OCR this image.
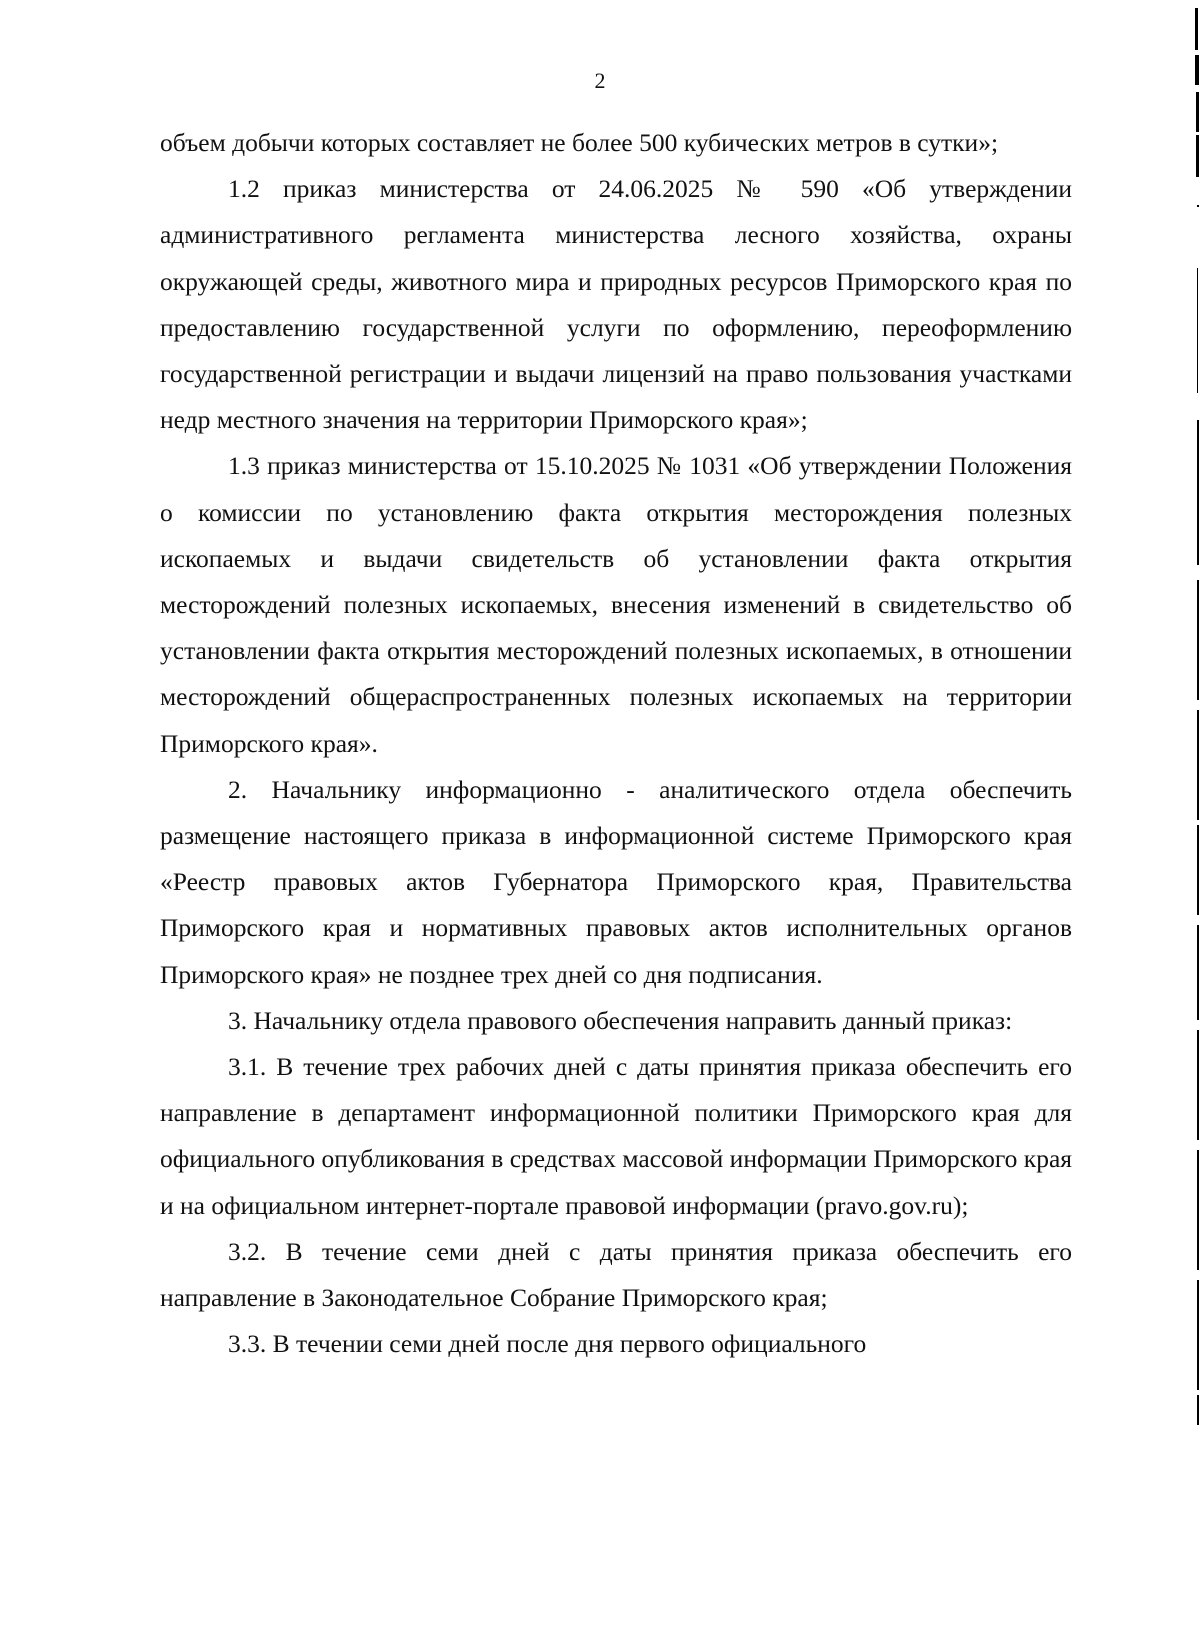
2

объем добычи которых составляет не более 500 кубических метров в сутки»;

1.2 приказ министерства от 24.06.2025 № 590 «Об утверждении административного регламента министерства лесного хозяйства, охраны окружающей среды, животного мира и природных ресурсов Приморского края по предоставлению государственной услуги по оформлению, переоформлению государственной регистрации и выдачи лицензий на право пользования участками недр местного значения на территории Приморского края»;

1.3 приказ министерства от 15.10.2025 № 1031 «Об утверждении Положения о комиссии по установлению факта открытия месторождения полезных ископаемых и выдачи свидетельств об установлении факта открытия месторождений полезных ископаемых, внесения изменений в свидетельство об установлении факта открытия месторождений полезных ископаемых, в отношении месторождений общераспространенных полезных ископаемых на территории Приморского края».

2. Начальнику информационно - аналитического отдела обеспечить размещение настоящего приказа в информационной системе Приморского края «Реестр правовых актов Губернатора Приморского края, Правительства Приморского края и нормативных правовых актов исполнительных органов Приморского края» не позднее трех дней со дня подписания.

3. Начальнику отдела правового обеспечения направить данный приказ:

3.1. В течение трех рабочих дней с даты принятия приказа обеспечить его направление в департамент информационной политики Приморского края для официального опубликования в средствах массовой информации Приморского края и на официальном интернет-портале правовой информации (pravo.gov.ru);

3.2. В течение семи дней с даты принятия приказа обеспечить его направление в Законодательное Собрание Приморского края;

3.3. В течении семи дней после дня первого официального
